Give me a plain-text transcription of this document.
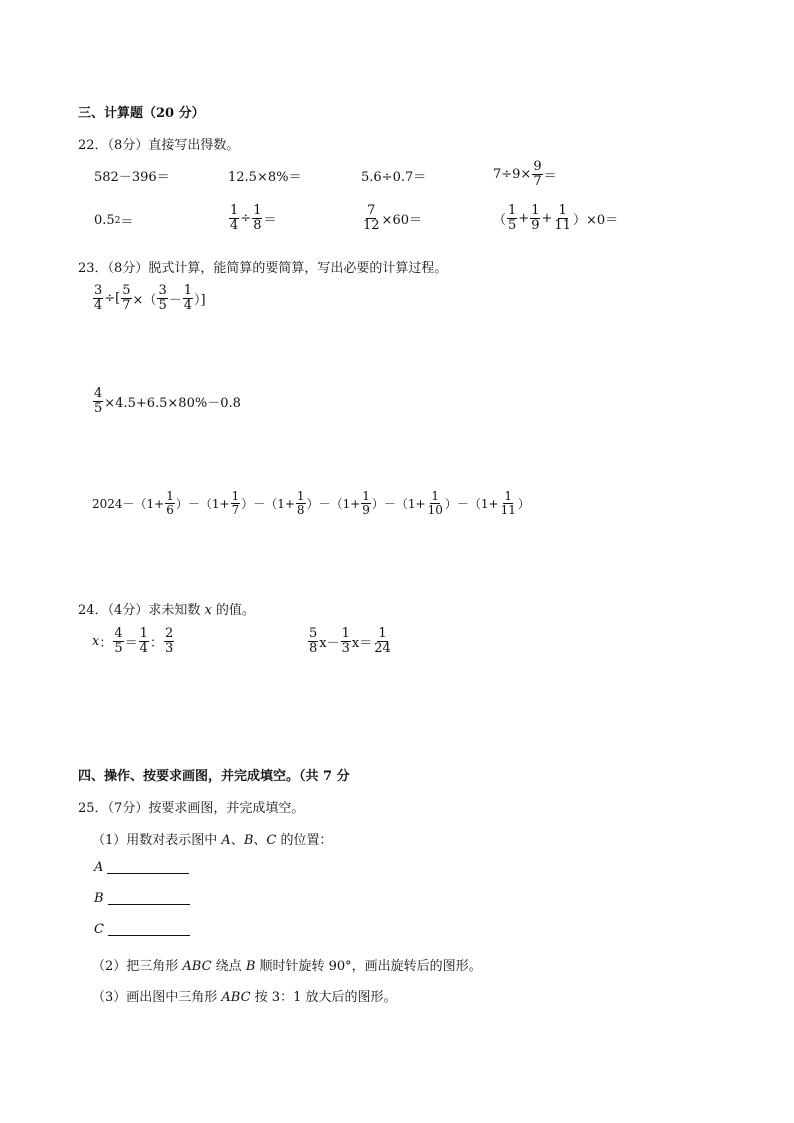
三、计算题（20 分）
22．（8分）直接写出得数。
582－396＝	12.5×8%＝	5.6÷0.7＝	$7\div 9\times \frac{9}{7}$ ＝
0.5 2 ＝	$\frac{1}{4} \div \frac{1}{8}$ ＝	$\frac{7}{12} \times 60=$	（ $\frac{1}{5} + \frac{1}{9} + \frac{1}{11} )\times 0=$
23．（8分）脱式计算，能简算的要简算，写出必要的计算过程。
$\frac{3}{4}$ ÷[ $\frac{5}{7}$ ×（ $\frac{3}{5} - \frac{1}{4}$ ）]
$\frac{4}{5} \times 4.5+6.5\times 80\%-0.8$
$2024-(1+ \frac{1}{6} )-(1+ \frac{1}{7} )-(1+ \frac{1}{8} )-(1+ \frac{1}{9} )-(1+ \frac{1}{10} )-(1+ \frac{1}{11}$ ）
24．（4分）求未知数 x 的值。
x ： $\frac{4}{5} = \frac{1}{4}$ ： $\frac{2}{3}$	$\frac{5}{8} x- \frac{1}{3} x= \frac{1}{24}$
四、操作、按要求画图，并完成填空。（共 7 分
25．（7分）按要求画图，并完成填空。
（1）用数对表示图中 A、B、C 的位置：
A
B
C
（2）把三角形 ABC 绕点 B 顺时针旋转 90°，画出旋转后的图形。
（3）画出图中三角形 ABC 按 3：1 放大后的图形。
